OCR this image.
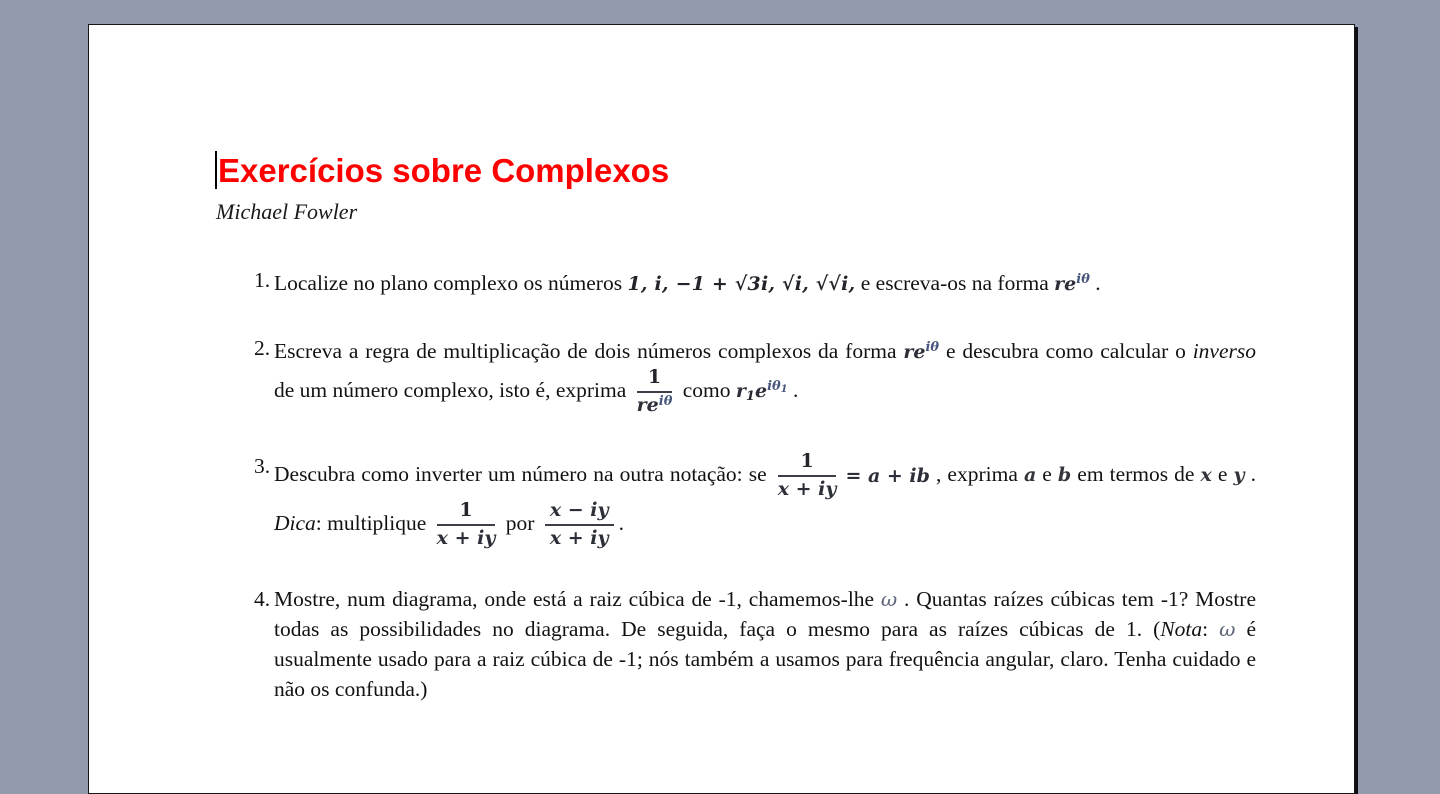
Exercícios sobre Complexos
Michael Fowler
1. Localize no plano complexo os números 1, i, −1 + √3i, √i, √√i, e escreva-os na forma $re^{i\theta}$ .
2. Escreva a regra de multiplicação de dois números complexos da forma $re^{i\theta}$ e descubra como calcular o inverso de um número complexo, isto é, exprima $\frac{1}{re^{i\theta}}$ como $r_1e^{i\theta 1}$ .
3. Descubra como inverter um número na outra notação: se $\frac{1}{x + iy} = a$ + ib , exprima a e b em termos de x e y . Dica: multiplique $\frac{1}{x + iy}$ por $\frac{x - iy}{x + iy}$ .
4. Mostre, num diagrama, onde está a raiz cúbica de -1, chamemos-lhe ω . Quantas raízes cúbicas tem -1? Mostre todas as possibilidades no diagrama. De seguida, faça o mesmo para as raízes cúbicas de 1. (Nota: ω é usualmente usado para a raiz cúbica de -1; nós também a usamos para frequência angular, claro. Tenha cuidado e não os confunda.)
